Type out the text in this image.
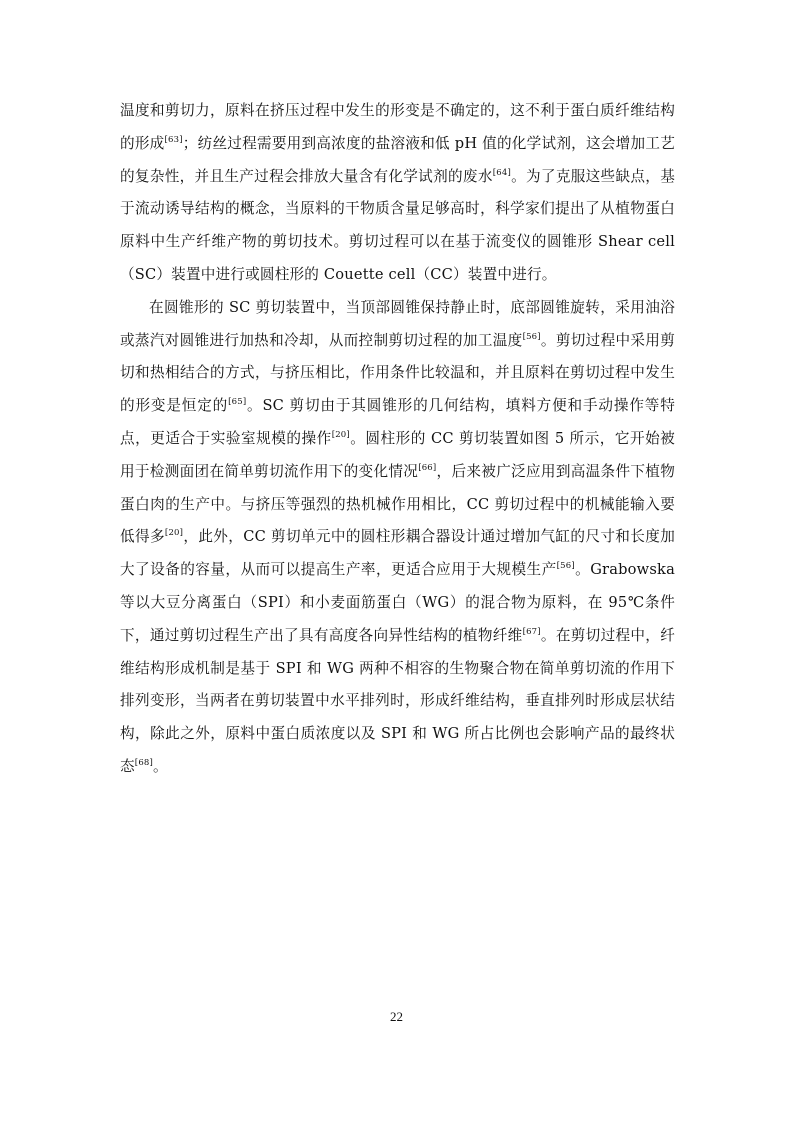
温度和剪切力，原料在挤压过程中发生的形变是不确定的，这不利于蛋白质纤维结构的形成[63]；纺丝过程需要用到高浓度的盐溶液和低 pH 值的化学试剂，这会增加工艺的复杂性，并且生产过程会排放大量含有化学试剂的废水[64]。为了克服这些缺点，基于流动诱导结构的概念，当原料的干物质含量足够高时，科学家们提出了从植物蛋白原料中生产纤维产物的剪切技术。剪切过程可以在基于流变仪的圆锥形 Shear cell（SC）装置中进行或圆柱形的 Couette cell（CC）装置中进行。

在圆锥形的 SC 剪切装置中，当顶部圆锥保持静止时，底部圆锥旋转，采用油浴或蒸汽对圆锥进行加热和冷却，从而控制剪切过程的加工温度[56]。剪切过程中采用剪切和热相结合的方式，与挤压相比，作用条件比较温和，并且原料在剪切过程中发生的形变是恒定的[65]。SC 剪切由于其圆锥形的几何结构，填料方便和手动操作等特点，更适合于实验室规模的操作[20]。圆柱形的 CC 剪切装置如图 5 所示，它开始被用于检测面团在简单剪切流作用下的变化情况[66]，后来被广泛应用到高温条件下植物蛋白肉的生产中。与挤压等强烈的热机械作用相比，CC 剪切过程中的机械能输入要低得多[20]，此外，CC 剪切单元中的圆柱形耦合器设计通过增加气缸的尺寸和长度加大了设备的容量，从而可以提高生产率，更适合应用于大规模生产[56]。Grabowska 等以大豆分离蛋白（SPI）和小麦面筋蛋白（WG）的混合物为原料，在 95℃条件下，通过剪切过程生产出了具有高度各向异性结构的植物纤维[67]。在剪切过程中，纤维结构形成机制是基于 SPI 和 WG 两种不相容的生物聚合物在简单剪切流的作用下排列变形，当两者在剪切装置中水平排列时，形成纤维结构，垂直排列时形成层状结构，除此之外，原料中蛋白质浓度以及 SPI 和 WG 所占比例也会影响产品的最终状态[68]。

22
